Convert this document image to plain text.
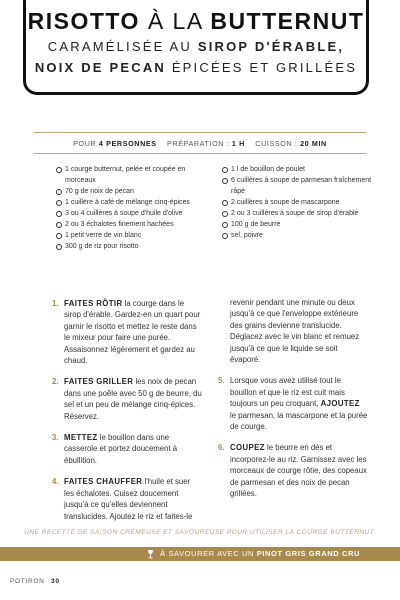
RISOTTO À LA BUTTERNUT
CARAMÉLISÉE AU SIROP D'ÉRABLE,
NOIX DE PECAN ÉPICÉES ET GRILLÉES
POUR 4 PERSONNES PRÉPARATION : 1 H CUISSON : 20 MIN
1 courge butternut, pelée et coupée en morceaux
70 g de noix de pecan
1 cuillère à café de mélange cinq-épices
3 ou 4 cuillères à soupe d'huile d'olive
2 ou 3 échalotes finement hachées
1 petit verre de vin blanc
300 g de riz pour risotto
1 l de bouillon de poulet
6 cuillères à soupe de parmesan fraîchement râpé
2 cuillères à soupe de mascarpone
2 ou 3 cuillères à soupe de sirop d'érable
100 g de beurre
sel, poivre
1. FAITES RÔTIR la courge dans le sirop d'érable. Gardez-en un quart pour garnir le risotto et mettez le reste dans le mixeur pour faire une purée. Assaisonnez légèrement et gardez au chaud.
2. FAITES GRILLER les noix de pecan dans une poêle avec 50 g de beurre, du sel et un peu de mélange cinq-épices. Réservez.
3. METTEZ le bouillon dans une casserole et portez doucement à ébullition.
4. FAITES CHAUFFER l'huile et suer les échalotes. Cuisez doucement jusqu'à ce qu'elles deviennent translucides. Ajoutez le riz et faites-le
revenir pendant une minute ou deux jusqu'à ce que l'enveloppe extérieure des grains devienne translucide. Déglacez avec le vin blanc et remuez jusqu'à ce que le liquide se soit évaporé.
5. Lorsque vous avez utilisé tout le bouillon et que le riz est cuit mais toujours un peu croquant, AJOUTEZ le parmesan, la mascarpone et la purée de courge.
6. COUPEZ le beurre en dés et incorporez-le au riz. Garnissez avec les morceaux de courge rôtie, des copeaux de parmesan et des noix de pecan grillées.
UNE RECETTE DE SAISON CRÉMEUSE ET SAVOUREUSE POUR UTILISER LA COURGE BUTTERNUT.
À SAVOURER AVEC UN PINOT GRIS GRAND CRU
POTIRON 30
